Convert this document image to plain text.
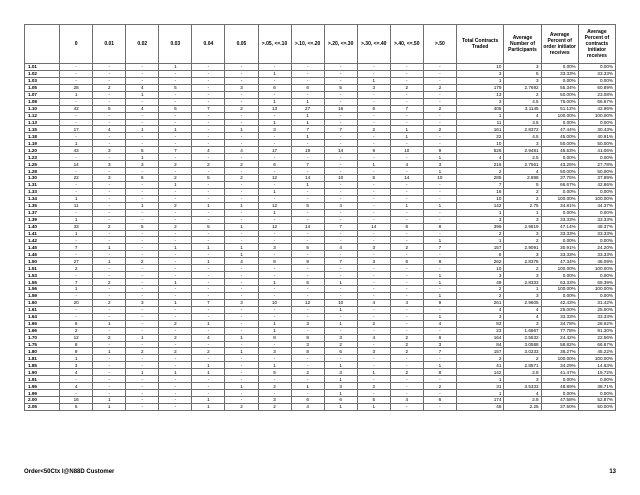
	0	0.01	0.02	0.03	0.04	0.05	>.05, <=.10	>.10, <=.20	>.20, <=.30	>.30, <=.40	>.40, <=.50	>.50	Total Contracts Traded	Average Number of Participants	Average Percent of order initiator receives	Average Percent of contracts initiator receives
1.01	-	-	-	1	-	-	-	-	-	-	-	-	10	3	0.00%	0.00%
1.02	-	-	-	-	-	-	1	-	-	-	-	-	3	5	33.33%	33.33%
1.03	-	-	-	-	-	-	-	-	-	1	-	-	1	3	0.00%	0.00%
1.05	28	2	4	5	-	3	6	6	5	3	2	2	179	2.7692	55.34%	60.89%
1.07	1	-	1	-	-	-	-	-	-	-	-	-	13	2	50.00%	23.08%
1.08	-	-	-	-	-	-	1	1	-	-	-	-	3	4.5	75.00%	66.67%
1.10	42	5	4	6	7	2	13	27	16	6	7	2	405	3.1145	51.12%	42.96%
1.12	-	-	-	-	-	-	-	1	-	-	-	-	1	4	100.00%	100.00%
1.13	-	-	-	-	-	-	1	1	-	-	-	-	11	3.5	0.00%	0.00%
1.15	17	4	1	1	-	1	3	7	7	2	1	2	161	2.8372	47.44%	30.43%
1.18	-	-	-	-	-	-	-	1	-	-	1	-	22	4.5	45.00%	40.91%
1.19	1	-	-	-	-	-	-	-	-	-	-	-	10	3	50.00%	50.00%
1.20	43	3	5	7	4	4	17	19	14	9	10	9	526	2.9481	45.53%	41.06%
1.23	-	-	1	-	-	-	-	-	-	-	-	1	4	2.5	0.00%	0.00%
1.25	14	3	3	2	2	2	6	7	-	1	4	3	216	2.7561	43.25%	27.78%
1.28	-	-	-	-	-	-	-	-	-	-	-	1	2	4	50.00%	50.00%
1.30	22	3	6	2	5	2	12	14	10	5	14	10	285	2.898	37.75%	37.89%
1.31	-	-	-	1	-	-	-	1	-	-	-	-	7	5	66.67%	42.86%
1.33	-	-	-	-	-	-	1	-	-	-	-	-	16	2	0.00%	0.00%
1.34	1	-	-	-	-	-	-	-	-	-	-	-	10	2	100.00%	100.00%
1.35	11	-	1	2	1	1	12	5	4	-	1	1	142	2.75	34.81%	44.37%
1.37	-	-	-	-	-	-	1	-	-	-	-	-	1	1	0.00%	0.00%
1.39	1	-	-	-	-	-	-	-	-	-	-	-	3	3	33.33%	33.33%
1.40	33	2	5	2	5	1	12	14	7	14	6	8	399	2.9619	47.14%	48.37%
1.41	1	-	-	-	-	-	-	-	-	-	-	-	2	3	33.33%	33.33%
1.42	-	-	-	-	-	-	-	-	-	-	-	1	1	2	0.00%	0.00%
1.45	7	1	-	1	1	1	3	5	4	3	2	7	157	2.9091	30.91%	24.20%
1.46	-	-	-	-	-	1	-	-	-	-	-	-	6	3	33.33%	33.33%
1.50	27	1	2	-	1	4	8	9	7	3	6	8	262	2.8378	47.34%	48.09%
1.51	2	-	-	-	-	-	-	-	-	-	-	-	10	2	100.00%	100.00%
1.53	-	-	-	-	-	-	-	-	-	-	-	1	3	3	0.00%	0.00%
1.55	7	2	-	1	-	-	1	5	1	-	-	1	49	2.8333	63.33%	69.39%
1.56	1	-	-	-	-	-	-	-	-	-	-	-	2	1	100.00%	100.00%
1.59	-	-	-	-	-	-	-	-	-	-	-	1	2	3	0.00%	0.00%
1.60	20	2	3	1	7	3	10	12	10	4	4	9	261	2.9605	42.43%	31.42%
1.61	-	-	-	-	-	-	-	-	1	-	-	-	4	4	25.00%	25.00%
1.64	-	-	-	-	-	-	-	-	-	-	-	1	3	4	33.33%	33.33%
1.65	6	1	-	2	1	-	1	3	1	2	-	4	83	3	34.78%	28.92%
1.66	2	-	-	-	-	-	1	-	-	-	-	-	23	1.6667	77.78%	91.30%
1.70	12	2	1	2	4	1	8	8	3	4	2	6	164	2.5532	24.42%	22.56%
1.75	8	-	-	-	-	-	-	3	2	-	2	3	84	3.0588	58.82%	66.67%
1.80	9	1	2	2	2	1	3	8	6	3	2	7	157	3.0233	36.27%	45.22%
1.81	1	-	-	-	-	-	-	-	-	-	-	-	2	2	100.00%	100.00%
1.85	3	-	-	-	1	-	1	-	1	-	-	1	41	2.8571	34.29%	14.63%
1.90	4	-	1	1	1	-	5	2	3	1	2	8	142	2.8	41.47%	19.72%
1.91	-	-	-	-	-	-	-	-	1	-	-	-	1	3	0.00%	0.00%
1.95	4	-	-	-	-	1	2	1	3	2	-	2	31	3.5333	48.89%	38.71%
1.99	-	-	-	-	-	-	-	-	1	-	-	-	1	4	0.00%	0.00%
2.00	16	1	-	-	1	-	3	6	6	5	4	6	174	2.8	47.58%	52.87%
2.05	5	1	-	-	1	2	2	4	1	1	-	-	46	2.25	37.50%	50.00%
Order<50Ctx I@N88D Customer	13
